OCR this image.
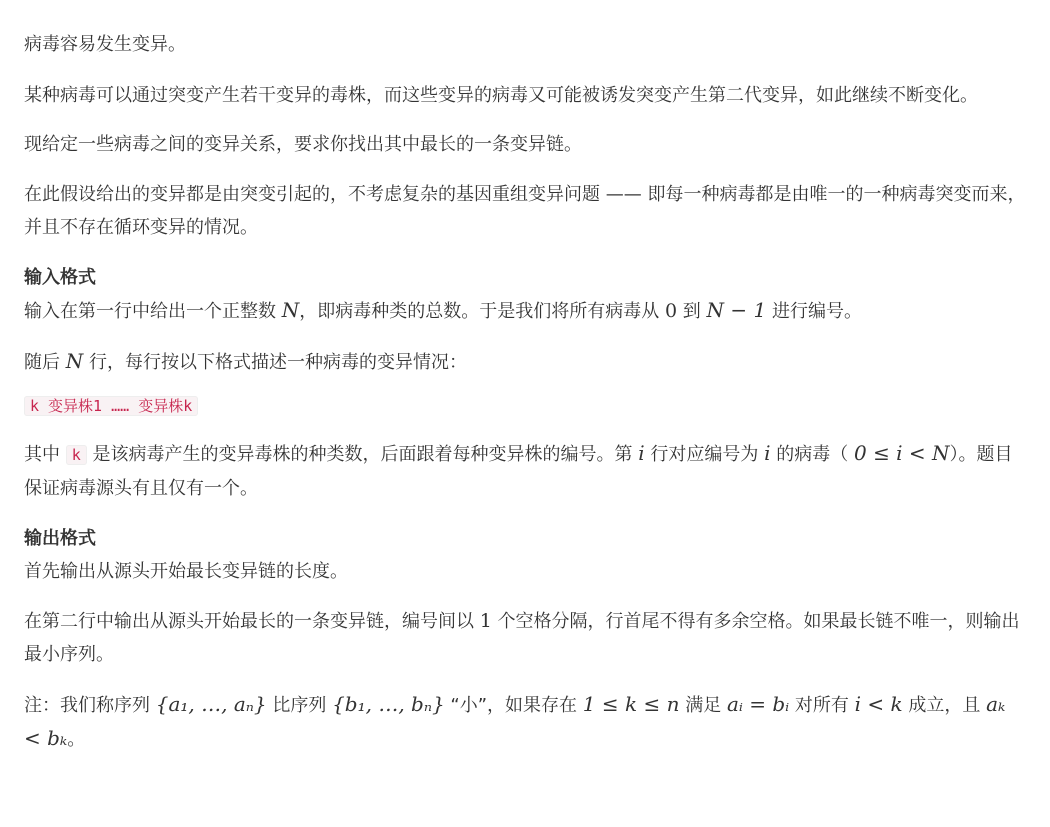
病毒容易发生变异。

某种病毒可以通过突变产生若干变异的毒株，而这些变异的病毒又可能被诱发突变产生第二代变异，如此继续不断变化。

现给定一些病毒之间的变异关系，要求你找出其中最长的一条变异链。

在此假设给出的变异都是由突变引起的，不考虑复杂的基因重组变异问题 —— 即每一种病毒都是由唯一的一种病毒突变而来，并且不存在循环变异的情况。

输入格式

输入在第一行中给出一个正整数 N，即病毒种类的总数。于是我们将所有病毒从 0 到 N − 1 进行编号。

随后 N 行，每行按以下格式描述一种病毒的变异情况：

k 变异株1 …… 变异株k

其中 k 是该病毒产生的变异毒株的种类数，后面跟着每种变异株的编号。第 i 行对应编号为 i 的病毒（ 0 ≤ i < N）。题目保证病毒源头有且仅有一个。

输出格式

首先输出从源头开始最长变异链的长度。

在第二行中输出从源头开始最长的一条变异链，编号间以 1 个空格分隔，行首尾不得有多余空格。如果最长链不唯一，则输出最小序列。

注：我们称序列 {a₁, …, aₙ} 比序列 {b₁, …, bₙ} “小”，如果存在 1 ≤ k ≤ n 满足 aᵢ = bᵢ 对所有 i < k 成立，且 aₖ < bₖ。
